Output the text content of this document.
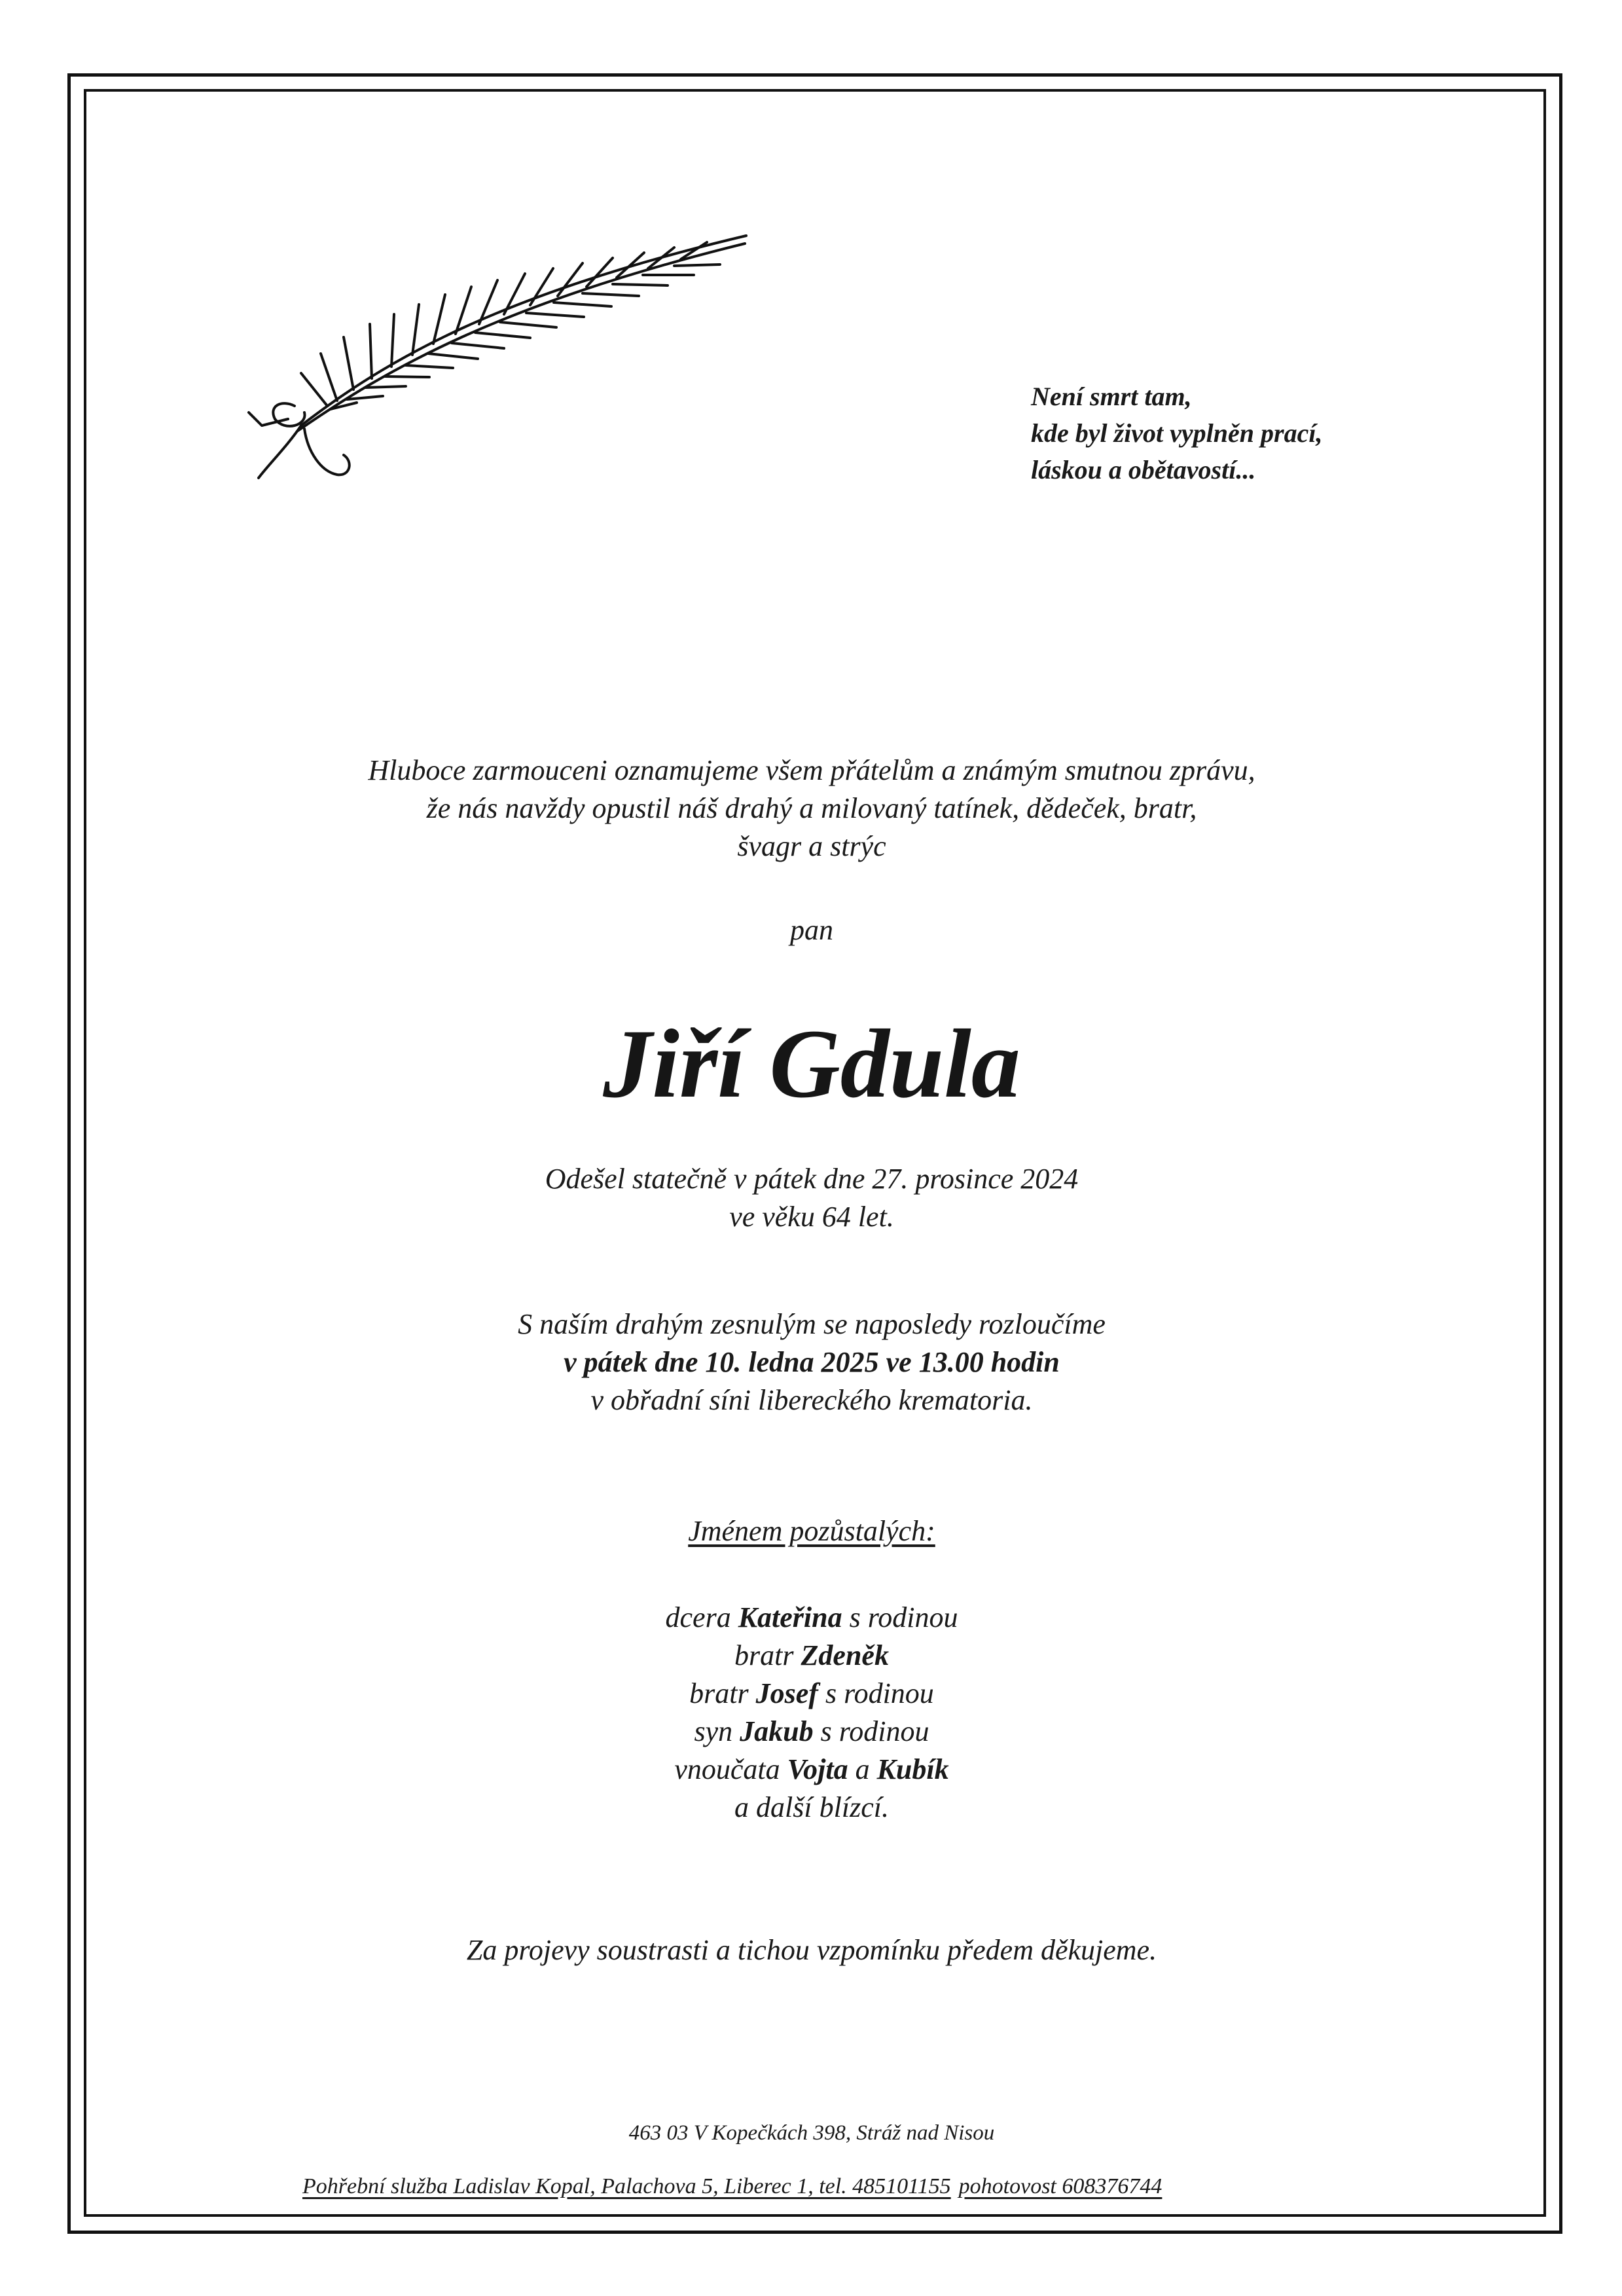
Není smrt tam,
kde byl život vyplněn prací,
láskou a obětavostí...
Hluboce zarmouceni oznamujeme všem přátelům a známým smutnou zprávu,
že nás navždy opustil náš drahý a milovaný tatínek, dědeček, bratr,
švagr a strýc
pan
Jiří Gdula
Odešel statečně v pátek dne 27. prosince 2024
ve věku 64 let.
S naším drahým zesnulým se naposledy rozloučíme
v pátek dne 10. ledna 2025 ve 13.00 hodin
v obřadní síni libereckého krematoria.
Jménem pozůstalých:
dcera Kateřina s rodinou
bratr Zdeněk
bratr Josef s rodinou
syn Jakub s rodinou
vnoučata Vojta a Kubík
a další blízcí.
Za projevy soustrasti a tichou vzpomínku předem děkujeme.
463 03 V Kopečkách 398, Stráž nad Nisou
Pohřební služba Ladislav Kopal, Palachova 5, Liberec 1, tel. 485101155 pohotovost 608376744
